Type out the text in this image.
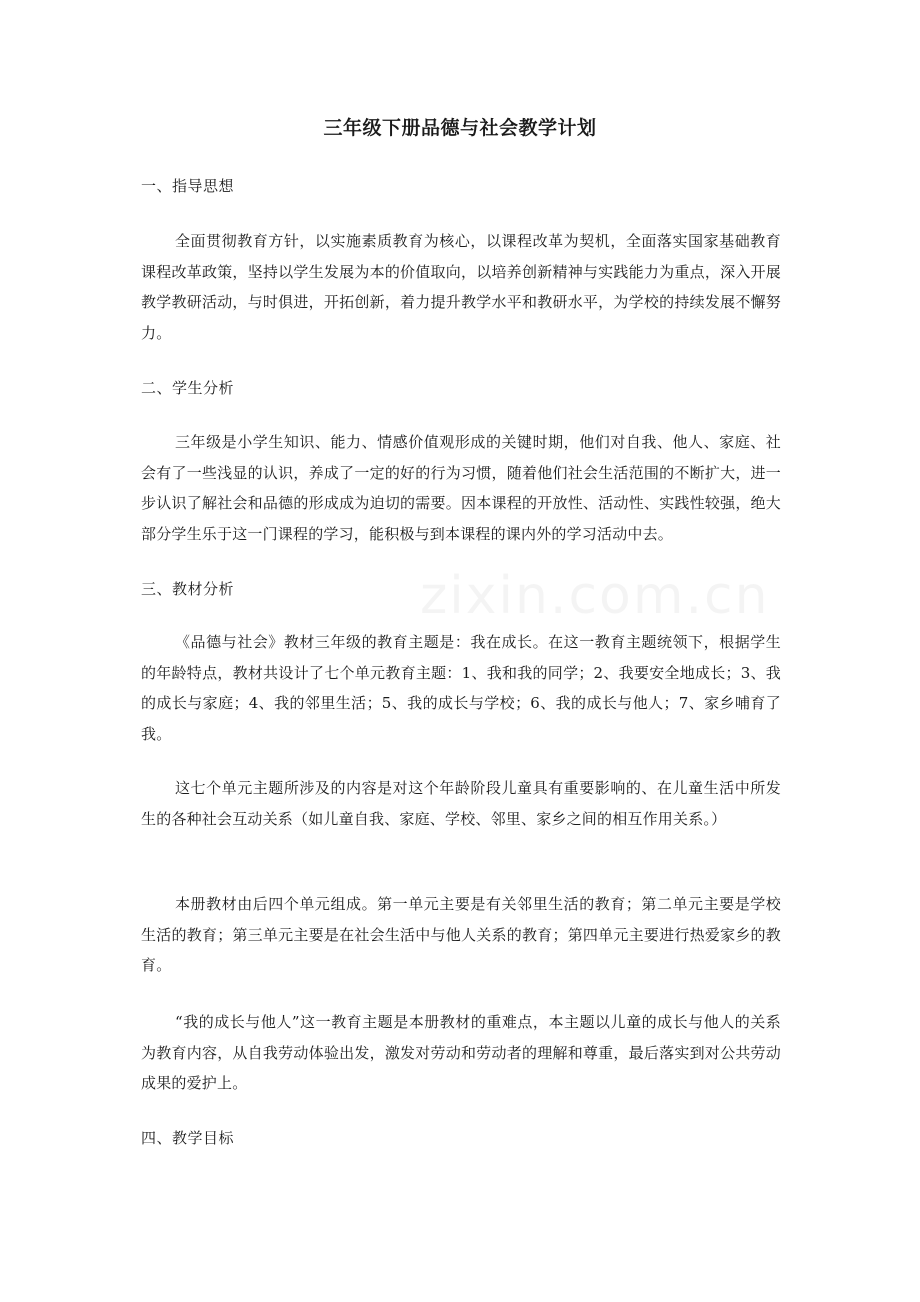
三年级下册品德与社会教学计划
一、指导思想
全面贯彻教育方针，以实施素质教育为核心，以课程改革为契机，全面落实国家基础教育课程改革政策，坚持以学生发展为本的价值取向，以培养创新精神与实践能力为重点，深入开展教学教研活动，与时俱进，开拓创新，着力提升教学水平和教研水平，为学校的持续发展不懈努力。
二、学生分析
三年级是小学生知识、能力、情感价值观形成的关键时期，他们对自我、他人、家庭、社会有了一些浅显的认识，养成了一定的好的行为习惯，随着他们社会生活范围的不断扩大，进一步认识了解社会和品德的形成成为迫切的需要。因本课程的开放性、活动性、实践性较强，绝大部分学生乐于这一门课程的学习，能积极与到本课程的课内外的学习活动中去。
三、教材分析
《品德与社会》教材三年级的教育主题是：我在成长。在这一教育主题统领下，根据学生的年龄特点，教材共设计了七个单元教育主题：1、我和我的同学；2、我要安全地成长；3、我的成长与家庭；4、我的邻里生活；5、我的成长与学校；6、我的成长与他人；7、家乡哺育了我。
这七个单元主题所涉及的内容是对这个年龄阶段儿童具有重要影响的、在儿童生活中所发生的各种社会互动关系（如儿童自我、家庭、学校、邻里、家乡之间的相互作用关系。）
本册教材由后四个单元组成。第一单元主要是有关邻里生活的教育；第二单元主要是学校生活的教育；第三单元主要是在社会生活中与他人关系的教育；第四单元主要进行热爱家乡的教育。
“我的成长与他人”这一教育主题是本册教材的重难点，本主题以儿童的成长与他人的关系为教育内容，从自我劳动体验出发，激发对劳动和劳动者的理解和尊重，最后落实到对公共劳动成果的爱护上。
四、教学目标
